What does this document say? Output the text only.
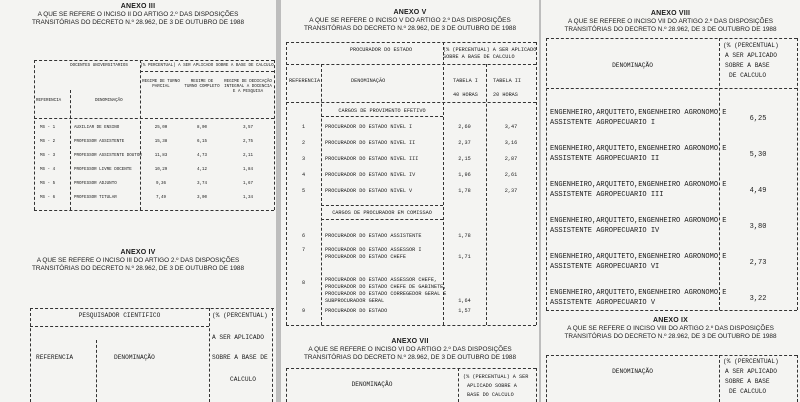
ANEXO III
A QUE SE REFERE O INCISO II DO ARTIGO 2.º DAS DISPOSIÇÕES
TRANSITÓRIAS DO DECRETO N.º 28.962, DE 3 DE OUTUBRO DE 1988
DOCENTES UNIVERSITARIOS	(% PERCENTUAL) A SER APLICADO SOBRE A BASE DE CALCULO
REGIME DE TURNO PARCIAL
REGIME DE TURNO COMPLETO
REGIME DE DEDICAÇÃO INTEGRAL A DOCENCIA E A PESQUISA
REFERENCIA	DENOMINAÇÃO
MS - 1	AUXILIAR DE ENSINO	25,00	8,00	3,57
MS - 2	PROFESSOR ASSISTENTE	15,38	6,15	2,75
MS - 3	PROFESSOR ASSISTENTE DOUTOR	11,83	4,73	2,11
MS - 4	PROFESSOR LIVRE DOCENTE	10,29	4,12	1,84
MS - 5	PROFESSOR ADJUNTO	9,36	3,74	1,67
MS - 6	PROFESSOR TITULAR	7,49	3,00	1,34
ANEXO IV
A QUE SE REFERE O INCISO III DO ARTIGO 2.º DAS DISPOSIÇÕES
TRANSITÓRIAS DO DECRETO N.º 28.962, DE 3 DE OUTUBRO DE 1988
PESQUISADOR CIENTIFICO	(% (PERCENTUAL)
A SER APLICADO
SOBRE A BASE DE
CALCULO
REFERENCIA	DENOMINAÇÃO
ANEXO V
A QUE SE REFERE O INCISO V DO ARTIGO 2.º DAS DISPOSIÇÕES
TRANSITÓRIAS DO DECRETO N.º 28.962, DE 3 DE OUTUBRO DE 1988
PROCURADOR DO ESTADO	(% (PERCENTUAL) A SER APLICADO
SOBRE A BASE DE CALCULO
REFERENCIA	DENOMINAÇÃO	TABELA I	TABELA II
40 HORAS	20 HORAS
CARGOS DE PROVIMENTO EFETIVO
1	PROCURADOR DO ESTADO NIVEL I	2,60	3,47
2	PROCURADOR DO ESTADO NIVEL II	2,37	3,16
3	PROCURADOR DO ESTADO NIVEL III	2,15	2,87
4	PROCURADOR DO ESTADO NIVEL IV	1,96	2,61
5	PROCURADOR DO ESTADO NIVEL V	1,78	2,37
CARGOS DE PROCURADOR EM COMISSAO
6	PROCURADOR DO ESTADO ASSISTENTE	1,78
7	PROCURADOR DO ESTADO ASSESSOR I
PROCURADOR DO ESTADO CHEFE	1,71
8	PROCURADOR DO ESTADO ASSESSOR CHEFE,
PROCURADOR DO ESTADO CHEFE DE GABINETE,
PROCURADOR DO ESTADO CORREGEDOR GERAL E
SUBPROCURADOR GERAL	1,64
9	PROCURADOR DO ESTADO	1,57
ANEXO VII
A QUE SE REFERE O INCISO VI DO ARTIGO 2.º DAS DISPOSIÇÕES
TRANSITÓRIAS DO DECRETO N.º 28.962, DE 3 DE OUTUBRO DE 1988
DENOMINAÇÃO
(% (PERCENTUAL) A SER
APLICADO SOBRE A
BASE DO CALCULO
ANEXO VIII
A QUE SE REFERE O INCISO VII DO ARTIGO 2.º DAS DISPOSIÇÕES
TRANSITÓRIAS DO DECRETO N.º 28.962, DE 3 DE OUTUBRO DE 1988
DENOMINAÇÃO
(% (PERCENTUAL)
A SER APLICADO
SOBRE A BASE
DE CALCULO
ENGENHEIRO,ARQUITETO,ENGENHEIRO AGRONOMO E
ASSISTENTE AGROPECUARIO I	6,25
ENGENHEIRO,ARQUITETO,ENGENHEIRO AGRONOMO E
ASSISTENTE AGROPECUARIO II	5,30
ENGENHEIRO,ARQUITETO,ENGENHEIRO AGRONOMO E
ASSISTENTE AGROPECUARIO III	4,49
ENGENHEIRO,ARQUITETO,ENGENHEIRO AGRONOMO E
ASSISTENTE AGROPECUARIO IV	3,80
ENGENHEIRO,ARQUITETO,ENGENHEIRO AGRONOMO E
ASSISTENTE AGROPECUARIO VI	2,73
ENGENHEIRO,ARQUITETO,ENGENHEIRO AGRONOMO E
ASSISTENTE AGROPECUARIO V	3,22
ANEXO IX
A QUE SE REFERE O INCISO VIII DO ARTIGO 2.º DAS DISPOSIÇÕES
TRANSITÓRIAS DO DECRETO N.º 28.962, DE 3 DE OUTUBRO DE 1988
DENOMINAÇÃO
(% (PERCENTUAL)
A SER APLICADO
SOBRE A BASE
DE CALCULO
